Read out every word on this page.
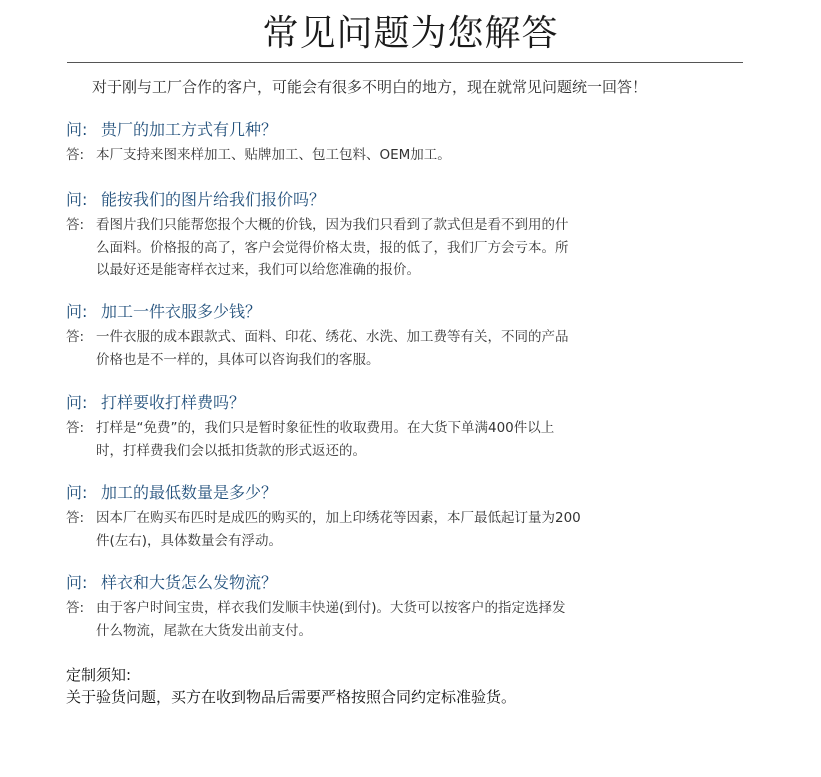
常见问题为您解答
对于刚与工厂合作的客户，可能会有很多不明白的地方，现在就常见问题统一回答！
问: 贵厂的加工方式有几种？
答: 本厂支持来图来样加工、贴牌加工、包工包料、OEM加工。
问: 能按我们的图片给我们报价吗？
答: 看图片我们只能帮您报个大概的价钱，因为我们只看到了款式但是看不到用的什
么面料。价格报的高了，客户会觉得价格太贵，报的低了，我们厂方会亏本。所
以最好还是能寄样衣过来，我们可以给您准确的报价。
问: 加工一件衣服多少钱？
答: 一件衣服的成本跟款式、面料、印花、绣花、水洗、加工费等有关，不同的产品
价格也是不一样的，具体可以咨询我们的客服。
问: 打样要收打样费吗？
答: 打样是“免费”的，我们只是暂时象征性的收取费用。在大货下单满400件以上
时，打样费我们会以抵扣货款的形式返还的。
问: 加工的最低数量是多少？
答: 因本厂在购买布匹时是成匹的购买的，加上印绣花等因素，本厂最低起订量为200
件(左右)，具体数量会有浮动。
问: 样衣和大货怎么发物流？
答: 由于客户时间宝贵，样衣我们发顺丰快递(到付)。大货可以按客户的指定选择发
什么物流，尾款在大货发出前支付。
定制须知:
关于验货问题，买方在收到物品后需要严格按照合同约定标准验货。
